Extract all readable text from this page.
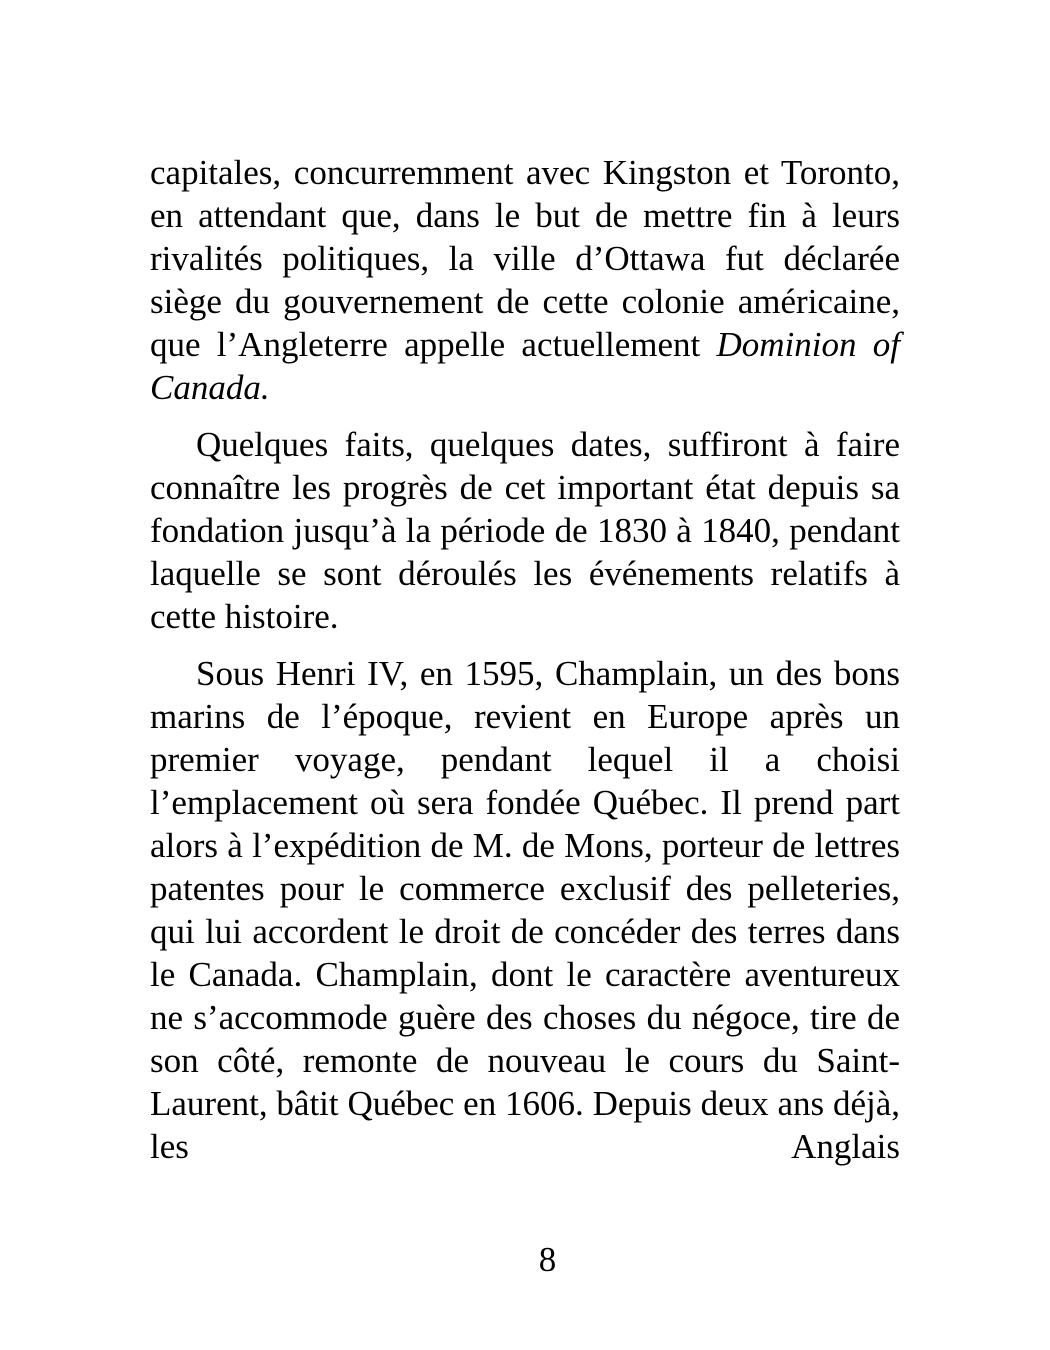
capitales, concurremment avec Kingston et Toronto, en attendant que, dans le but de mettre fin à leurs rivalités politiques, la ville d’Ottawa fut déclarée siège du gouvernement de cette colonie américaine, que l’Angleterre appelle actuellement Dominion of Canada.

Quelques faits, quelques dates, suffiront à faire connaître les progrès de cet important état depuis sa fondation jusqu’à la période de 1830 à 1840, pendant laquelle se sont déroulés les événements relatifs à cette histoire.

Sous Henri IV, en 1595, Champlain, un des bons marins de l’époque, revient en Europe après un premier voyage, pendant lequel il a choisi l’emplacement où sera fondée Québec. Il prend part alors à l’expédition de M. de Mons, porteur de lettres patentes pour le commerce exclusif des pelleteries, qui lui accordent le droit de concéder des terres dans le Canada. Champlain, dont le caractère aventureux ne s’accommode guère des choses du négoce, tire de son côté, remonte de nouveau le cours du Saint-Laurent, bâtit Québec en 1606. Depuis deux ans déjà, les Anglais

8
